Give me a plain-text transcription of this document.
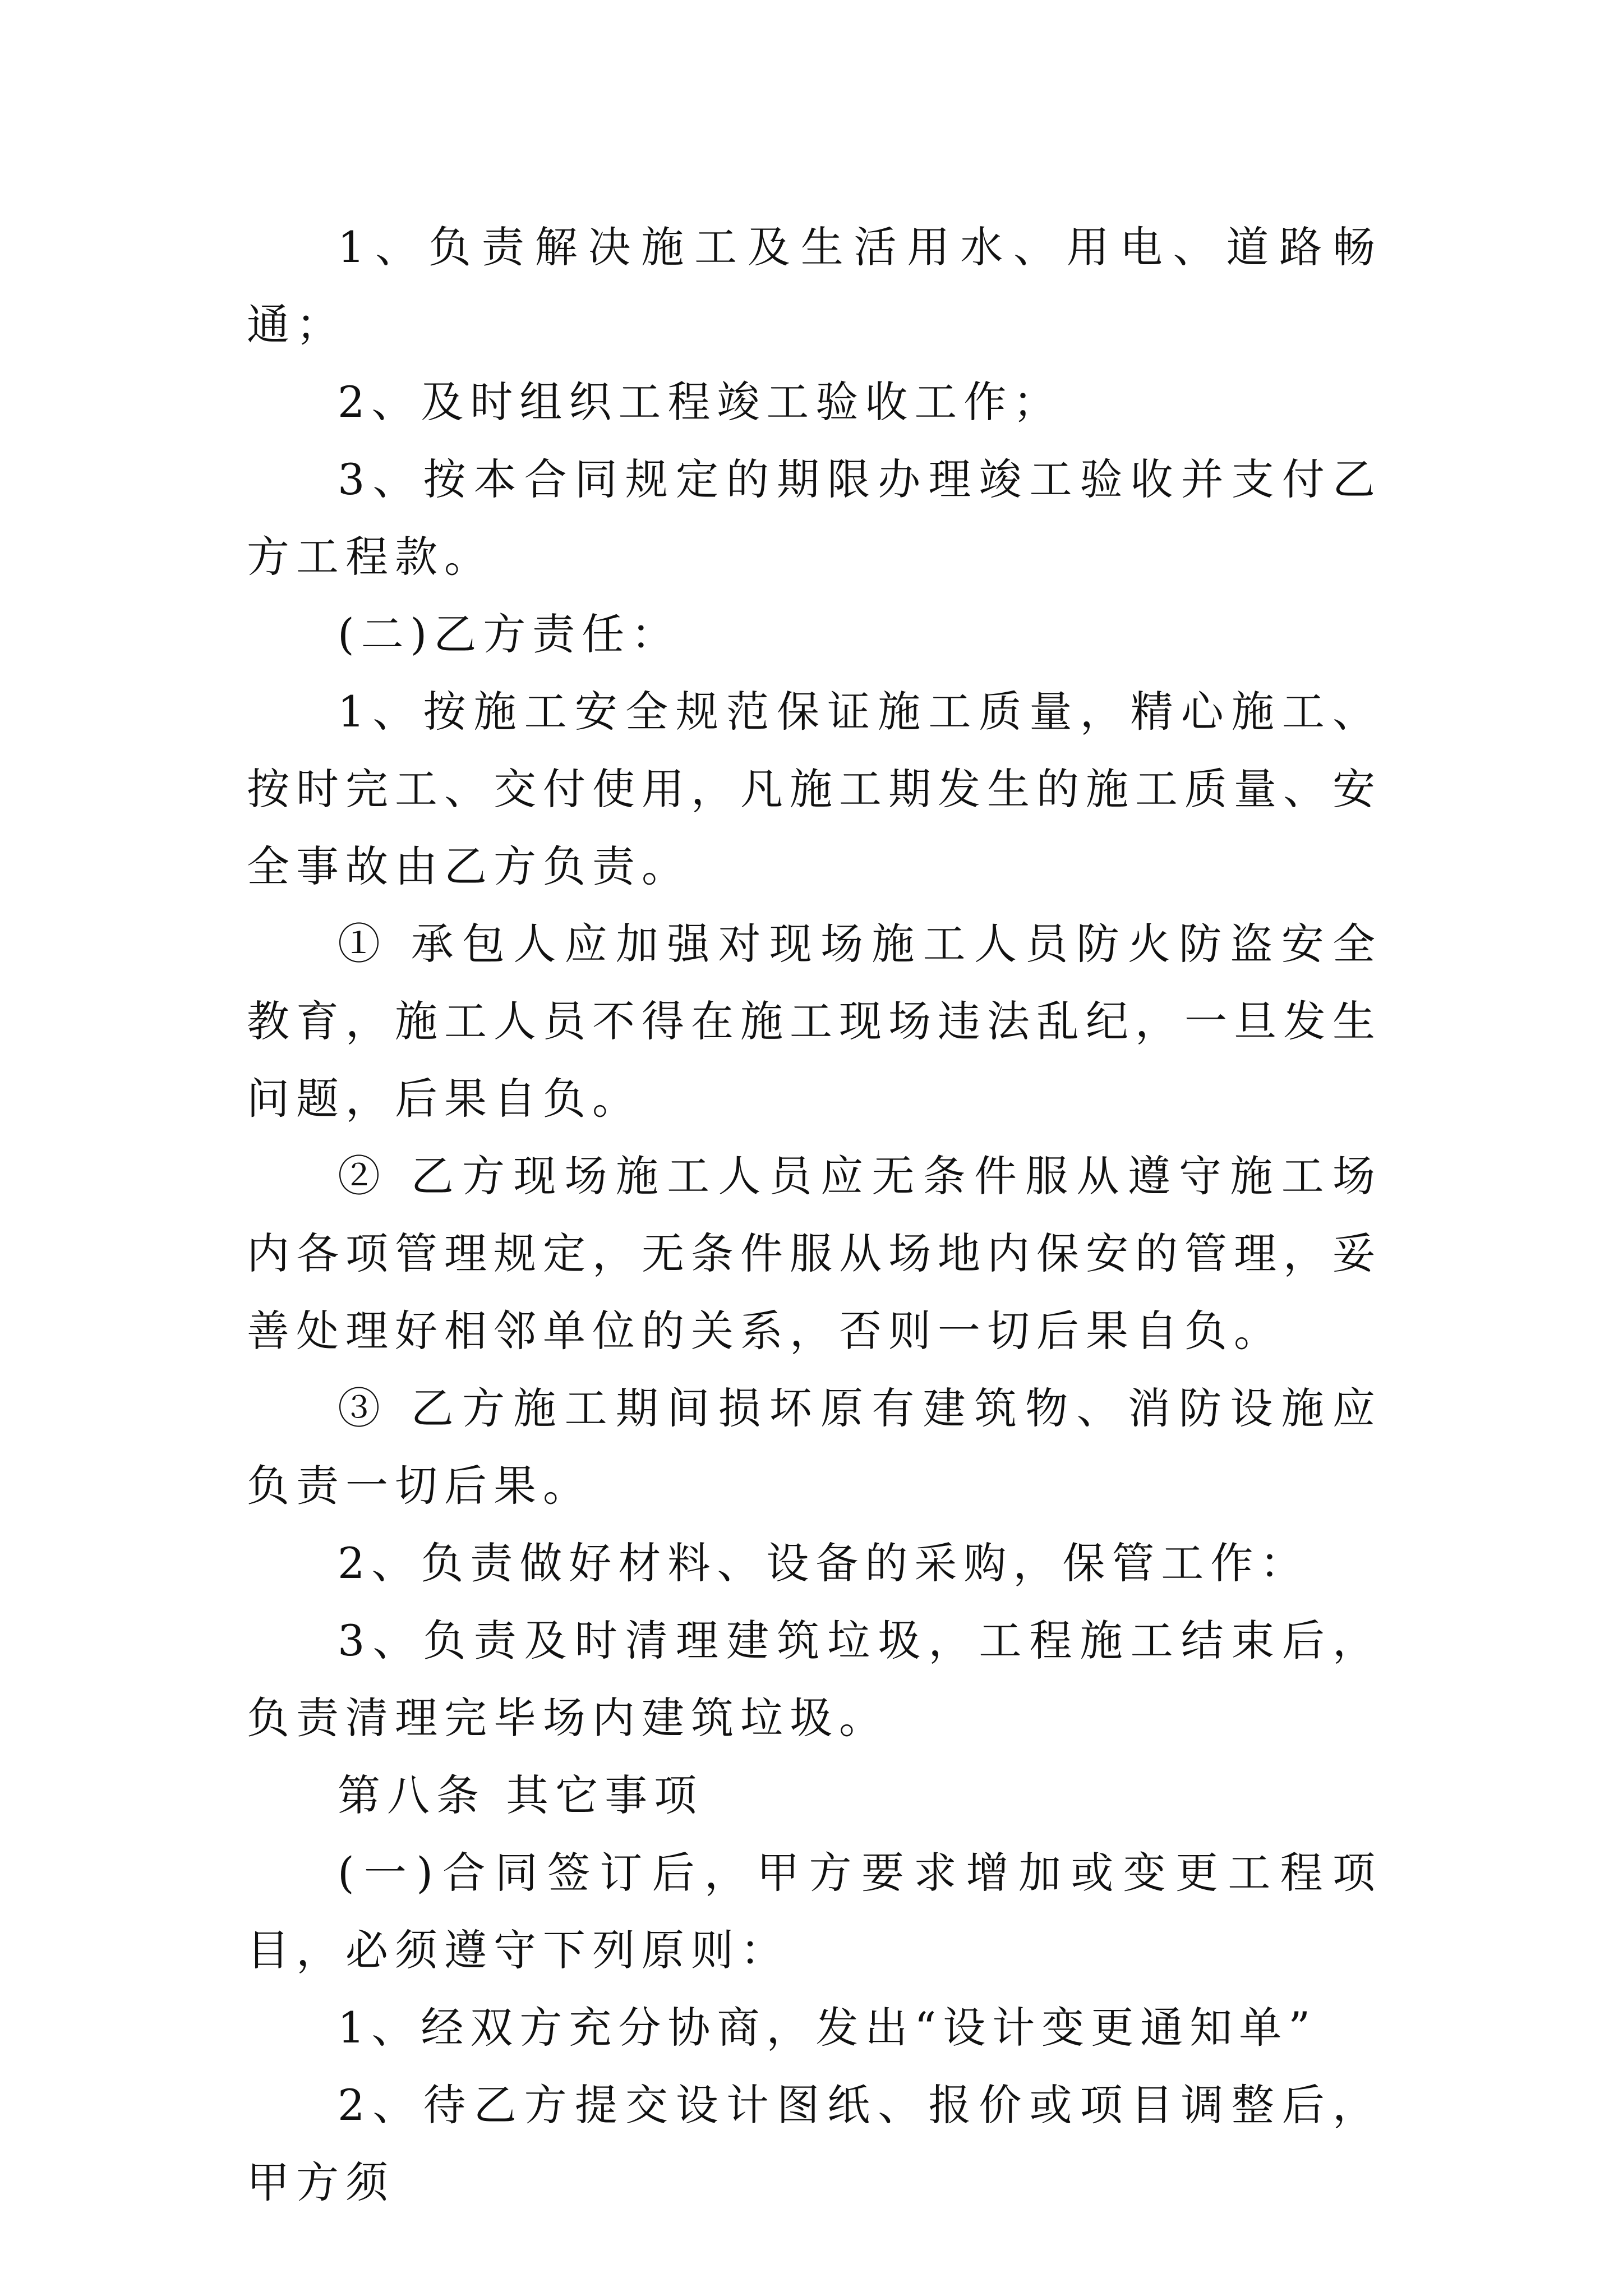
1、负责解决施工及生活用水、用电、道路畅通；

2、及时组织工程竣工验收工作；

3、按本合同规定的期限办理竣工验收并支付乙方工程款。

(二)乙方责任：

1、按施工安全规范保证施工质量，精心施工、按时完工、交付使用，凡施工期发生的施工质量、安全事故由乙方负责。

① 承包人应加强对现场施工人员防火防盗安全教育，施工人员不得在施工现场违法乱纪，一旦发生问题，后果自负。

② 乙方现场施工人员应无条件服从遵守施工场内各项管理规定，无条件服从场地内保安的管理，妥善处理好相邻单位的关系，否则一切后果自负。

③ 乙方施工期间损坏原有建筑物、消防设施应负责一切后果。

2、负责做好材料、设备的采购，保管工作：

3、负责及时清理建筑垃圾，工程施工结束后，负责清理完毕场内建筑垃圾。

第八条 其它事项

(一)合同签订后，甲方要求增加或变更工程项目，必须遵守下列原则：

1、经双方充分协商，发出“设计变更通知单”

2、待乙方提交设计图纸、报价或项目调整后，甲方须
